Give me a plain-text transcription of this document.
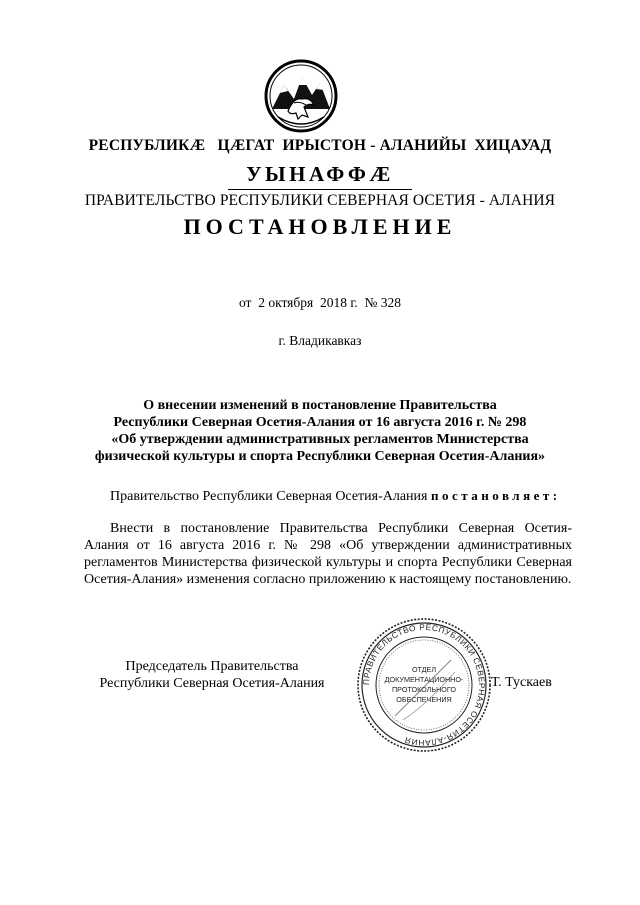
РЕСПУБЛИКӔ   ЦӔГАТ  ИРЫСТОН - АЛАНИЙЫ  ХИЦАУАД
УЫНАФФӔ
ПРАВИТЕЛЬСТВО РЕСПУБЛИКИ СЕВЕРНАЯ ОСЕТИЯ - АЛАНИЯ
ПОСТАНОВЛЕНИЕ
от  2 октября  2018 г.  № 328
г. Владикавказ
О внесении изменений в постановление Правительства
Республики Северная Осетия-Алания от 16 августа 2016 г. № 298
«Об утверждении административных регламентов Министерства
физической культуры и спорта Республики Северная Осетия-Алания»
Правительство Республики Северная Осетия-Алания постановляет:
Внести в постановление Правительства Республики Северная Осетия-Алания от 16 августа 2016 г. № 298 «Об утверждении административных регламентов Министерства физической культуры и спорта Республики Северная Осетия-Алания» изменения согласно приложению к настоящему постановлению.
Председатель Правительства
Республики Северная Осетия-Алания	ПРАВИТЕЛЬСТВО РЕСПУБЛИКИ СЕВЕРНАЯ ОСЕТИЯ-АЛАНИЯ
ОТДЕЛ
ДОКУМЕНТАЦИОННО-
ПРОТОКОЛЬНОГО
ОБЕСПЕЧЕНИЯ
Т. Тускаев
